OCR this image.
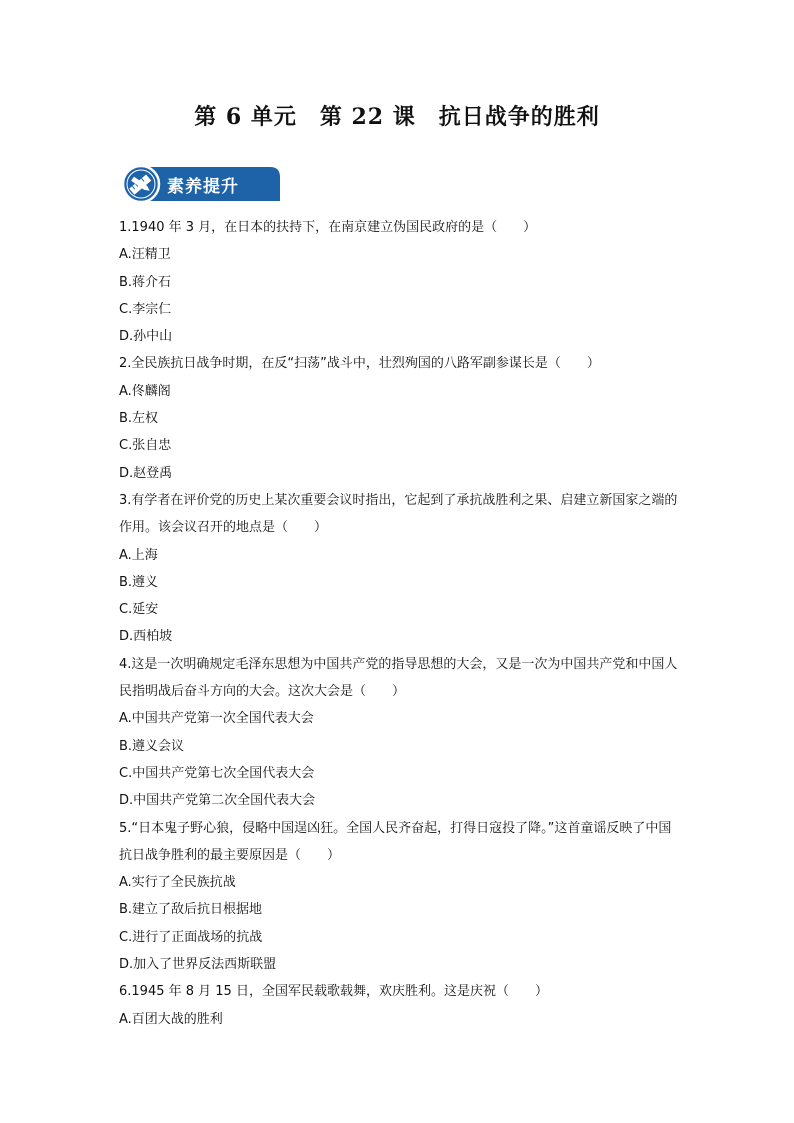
第 6 单元　第 22 课　抗日战争的胜利
素养提升

1.1940 年 3 月，在日本的扶持下，在南京建立伪国民政府的是（　　）

A.汪精卫

B.蒋介石

C.李宗仁

D.孙中山

2.全民族抗日战争时期，在反“扫荡”战斗中，壮烈殉国的八路军副参谋长是（　　）

A.佟麟阁

B.左权

C.张自忠

D.赵登禹

3.有学者在评价党的历史上某次重要会议时指出，它起到了承抗战胜利之果、启建立新国家之端的作用。该会议召开的地点是（　　）

A.上海

B.遵义

C.延安

D.西柏坡

4.这是一次明确规定毛泽东思想为中国共产党的指导思想的大会，又是一次为中国共产党和中国人民指明战后奋斗方向的大会。这次大会是（　　）

A.中国共产党第一次全国代表大会

B.遵义会议

C.中国共产党第七次全国代表大会

D.中国共产党第二次全国代表大会

5.“日本鬼子野心狼，侵略中国逞凶狂。全国人民齐奋起，打得日寇投了降。”这首童谣反映了中国抗日战争胜利的最主要原因是（　　）

A.实行了全民族抗战

B.建立了敌后抗日根据地

C.进行了正面战场的抗战

D.加入了世界反法西斯联盟

6.1945 年 8 月 15 日，全国军民载歌载舞，欢庆胜利。这是庆祝（　　）

A.百团大战的胜利
